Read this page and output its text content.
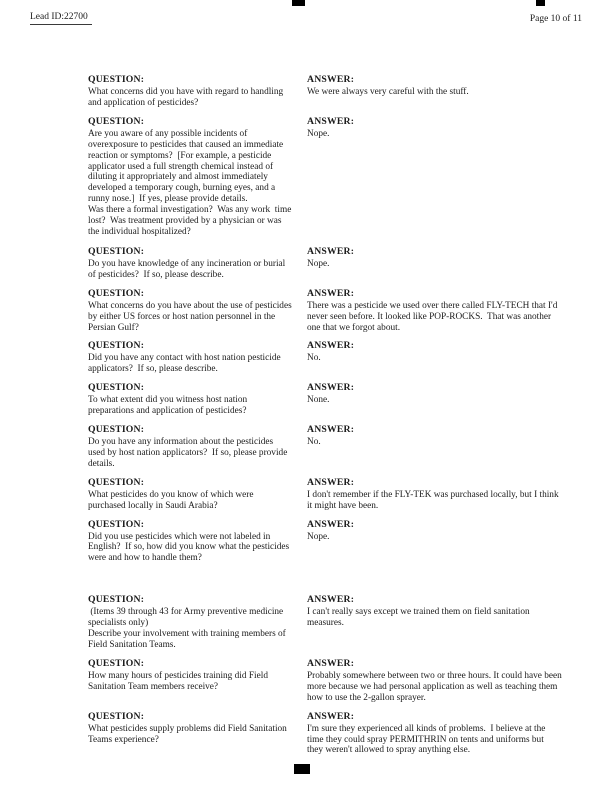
Lead ID:22700	Page 10 of 11
QUESTION:
What concerns did you have with regard to handling and application of pesticides?
ANSWER:
We were always very careful with the stuff.
QUESTION:
Are you aware of any possible incidents of overexposure to pesticides that caused an immediate reaction or symptoms?  [For example, a pesticide applicator used a full strength chemical instead of diluting it appropriately and almost immediately developed a temporary cough, burning eyes, and a runny nose.]  If yes, please provide details.
Was there a formal investigation?  Was any work  time lost?  Was treatment provided by a physician or was the individual hospitalized?
ANSWER:
Nope.
QUESTION:
Do you have knowledge of any incineration or burial of pesticides?  If so, please describe.
ANSWER:
Nope.
QUESTION:
What concerns do you have about the use of pesticides by either US forces or host nation personnel in the Persian Gulf?
ANSWER:
There was a pesticide we used over there called FLY-TECH that I'd never seen before. It looked like POP-ROCKS.  That was another one that we forgot about.
QUESTION:
Did you have any contact with host nation pesticide applicators?  If so, please describe.
ANSWER:
No.
QUESTION:
To what extent did you witness host nation preparations and application of pesticides?
ANSWER:
None.
QUESTION:
Do you have any information about the pesticides used by host nation applicators?  If so, please provide details.
ANSWER:
No.
QUESTION:
What pesticides do you know of which were purchased locally in Saudi Arabia?
ANSWER:
I don't remember if the FLY-TEK was purchased locally, but I think it might have been.
QUESTION:
Did you use pesticides which were not labeled in English?  If so, how did you know what the pesticides were and how to handle them?
ANSWER:
Nope.
QUESTION:
(Items 39 through 43 for Army preventive medicine specialists only)
Describe your involvement with training members of Field Sanitation Teams.
ANSWER:
I can't really says except we trained them on field sanitation measures.
QUESTION:
How many hours of pesticides training did Field Sanitation Team members receive?
ANSWER:
Probably somewhere between two or three hours. It could have been more because we had personal application as well as teaching them how to use the 2-gallon sprayer.
QUESTION:
What pesticides supply problems did Field Sanitation Teams experience?
ANSWER:
I'm sure they experienced all kinds of problems.  I believe at the time they could spray PERMITHRIN on tents and uniforms but they weren't allowed to spray anything else.
